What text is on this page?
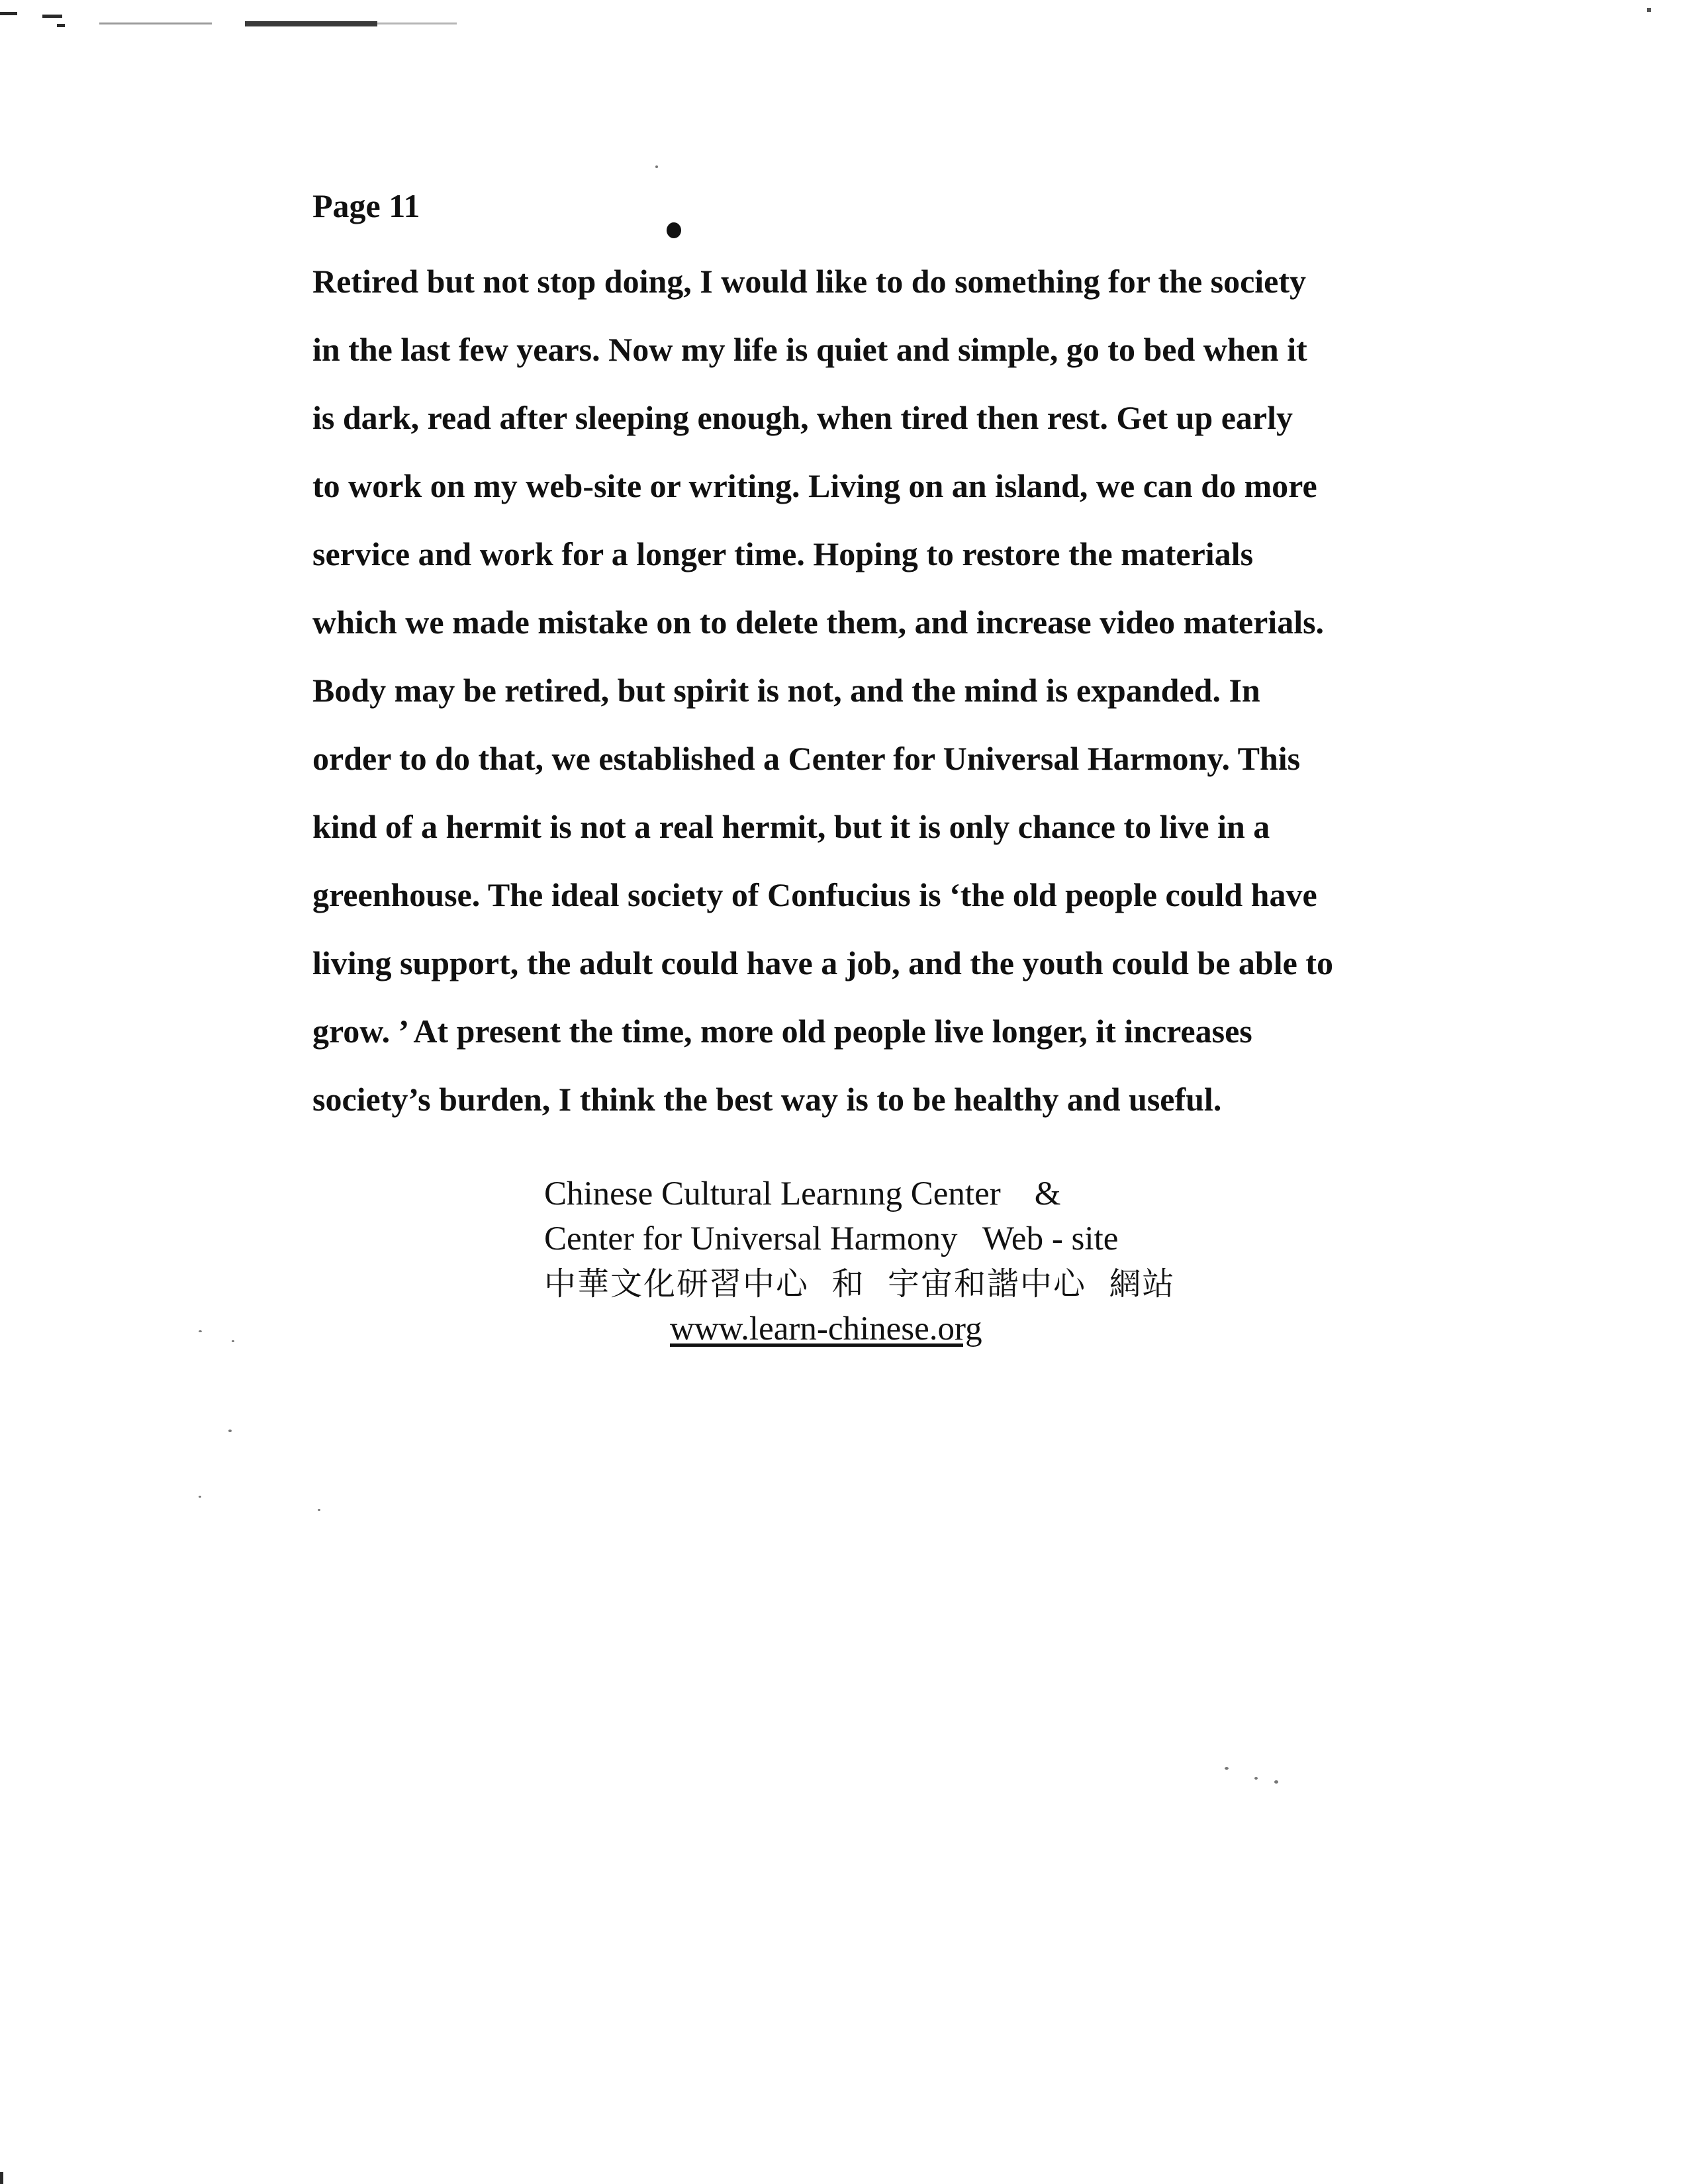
Page 11
Retired but not stop doing, I would like to do something for the society
in the last few years. Now my life is quiet and simple, go to bed when it
is dark, read after sleeping enough, when tired then rest. Get up early
to work on my web-site or writing. Living on an island, we can do more
service and work for a longer time. Hoping to restore the materials
which we made mistake on to delete them, and increase video materials.
Body may be retired, but spirit is not, and the mind is expanded. In
order to do that, we established a Center for Universal Harmony. This
kind of a hermit is not a real hermit, but it is only chance to live in a
greenhouse. The ideal society of Confucius is ‘the old people could have
living support, the adult could have a job, and the youth could be able to
grow. ’ At present the time, more old people live longer, it increases
society’s burden, I think the best way is to be healthy and useful.
Chinese Cultural Learnıng Center    &
Center for Universal Harmony   Web - site
中華文化研習中心  和  宇宙和諧中心  網站
www.learn-chinese.org
